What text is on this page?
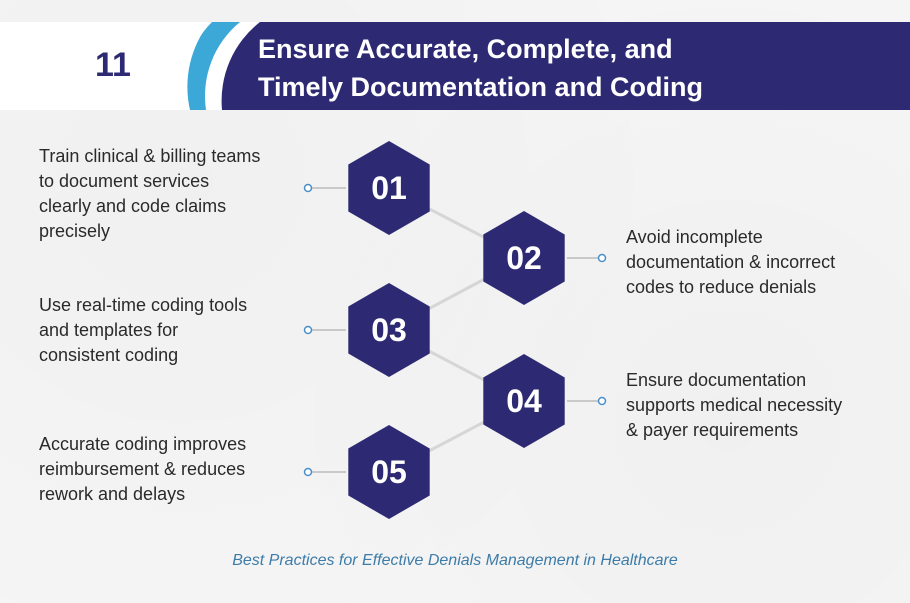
11	Ensure Accurate, Complete, and
Timely Documentation and Coding
01
02
03
04
05
Train clinical & billing teams
to document services
clearly and code claims
precisely	Avoid incomplete
documentation & incorrect
codes to reduce denials
Use real-time coding tools
and templates for
consistent coding
Ensure documentation
supports medical necessity
& payer requirements
Accurate coding improves
reimbursement & reduces
rework and delays
Best Practices for Effective Denials Management in Healthcare
